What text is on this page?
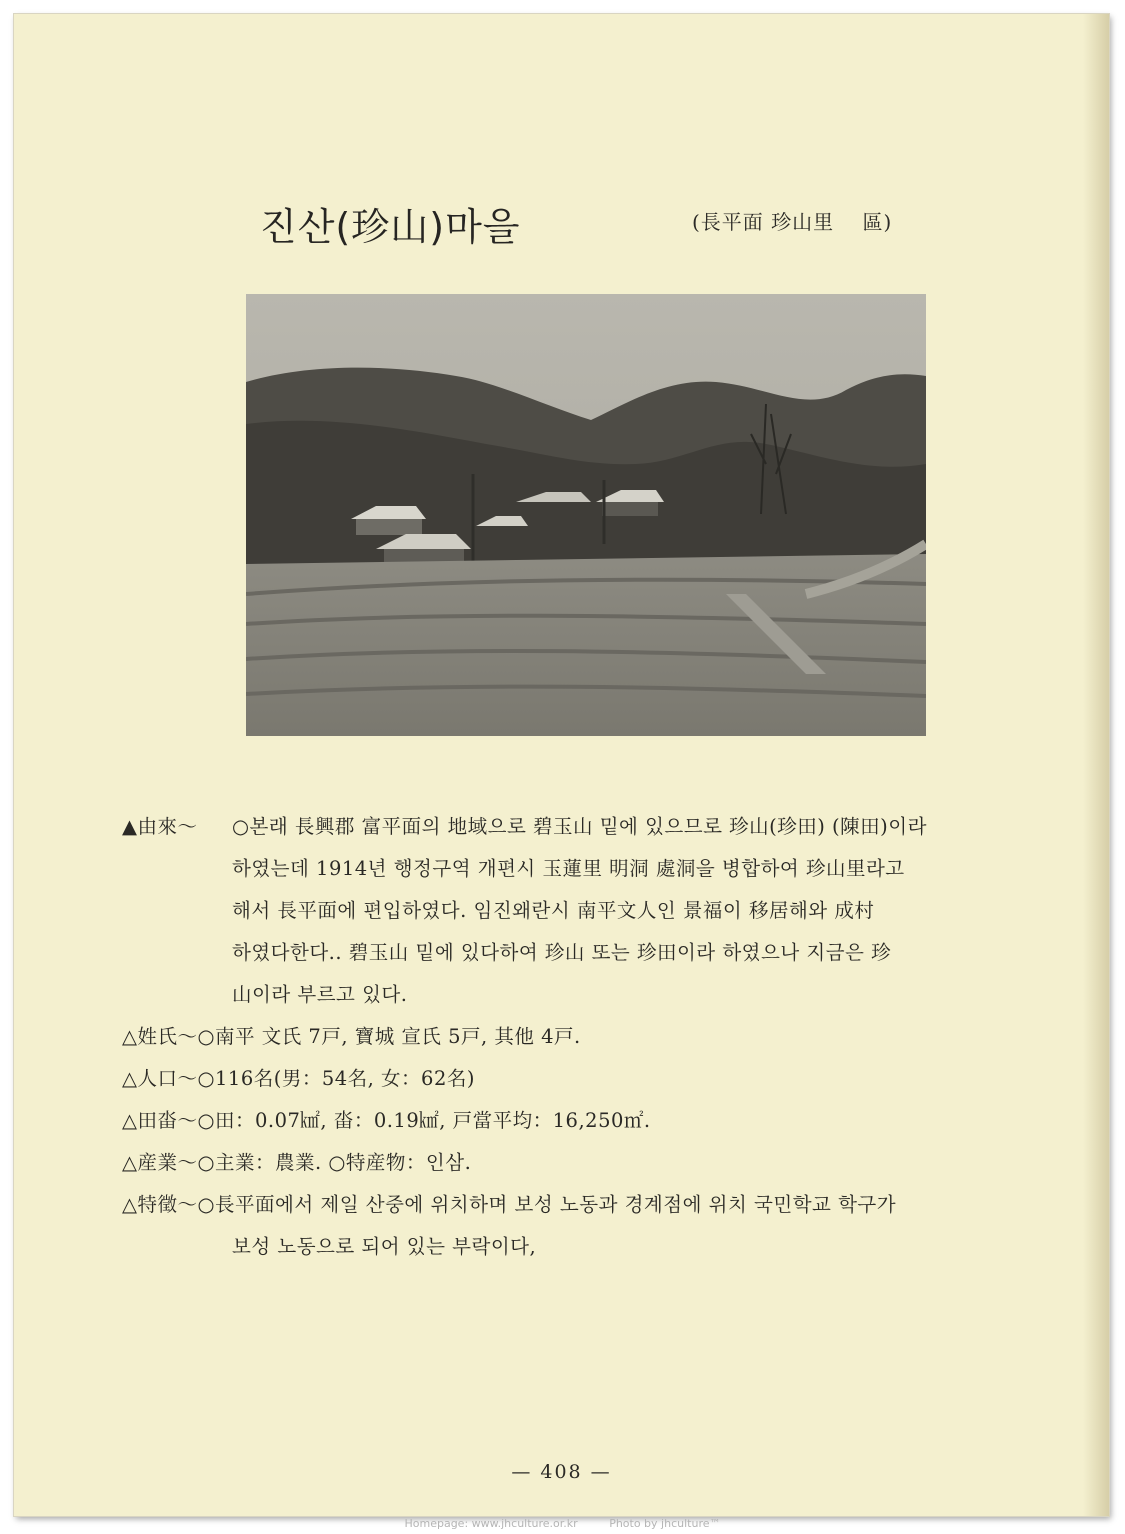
진산(珍山)마을	(長平面 珍山里　 區)
▲由來～	○본래 長興郡 富平面의 地域으로 碧玉山 밑에 있으므로 珍山(珍田) (陳田)이라
하였는데 1914년 행정구역 개편시 玉蓮里 明洞 處洞을 병합하여 珍山里라고
해서 長平面에 편입하였다. 임진왜란시 南平文人인 景福이 移居해와 成村
하였다한다.. 碧玉山 밑에 있다하여 珍山 또는 珍田이라 하였으나 지금은 珍
山이라 부르고 있다.
△姓氏～ ○南平 文氏 7戸, 寶城 宣氏 5戸, 其他 4戸.
△人口～ ○116名(男：54名, 女：62名)
△田畓～ ○田：0.07㎢, 畓：0.19㎢, 戸當平均：16,250㎡.
△産業～ ○主業：農業. ○特産物：인삼.
△特徵～ ○長平面에서 제일 산중에 위치하며 보성 노동과 경계점에 위치 국민학교 학구가
보성 노동으로 되어 있는 부락이다,
— 408 —
Homepage: www.jhculture.or.kr	Photo by jhculture™
